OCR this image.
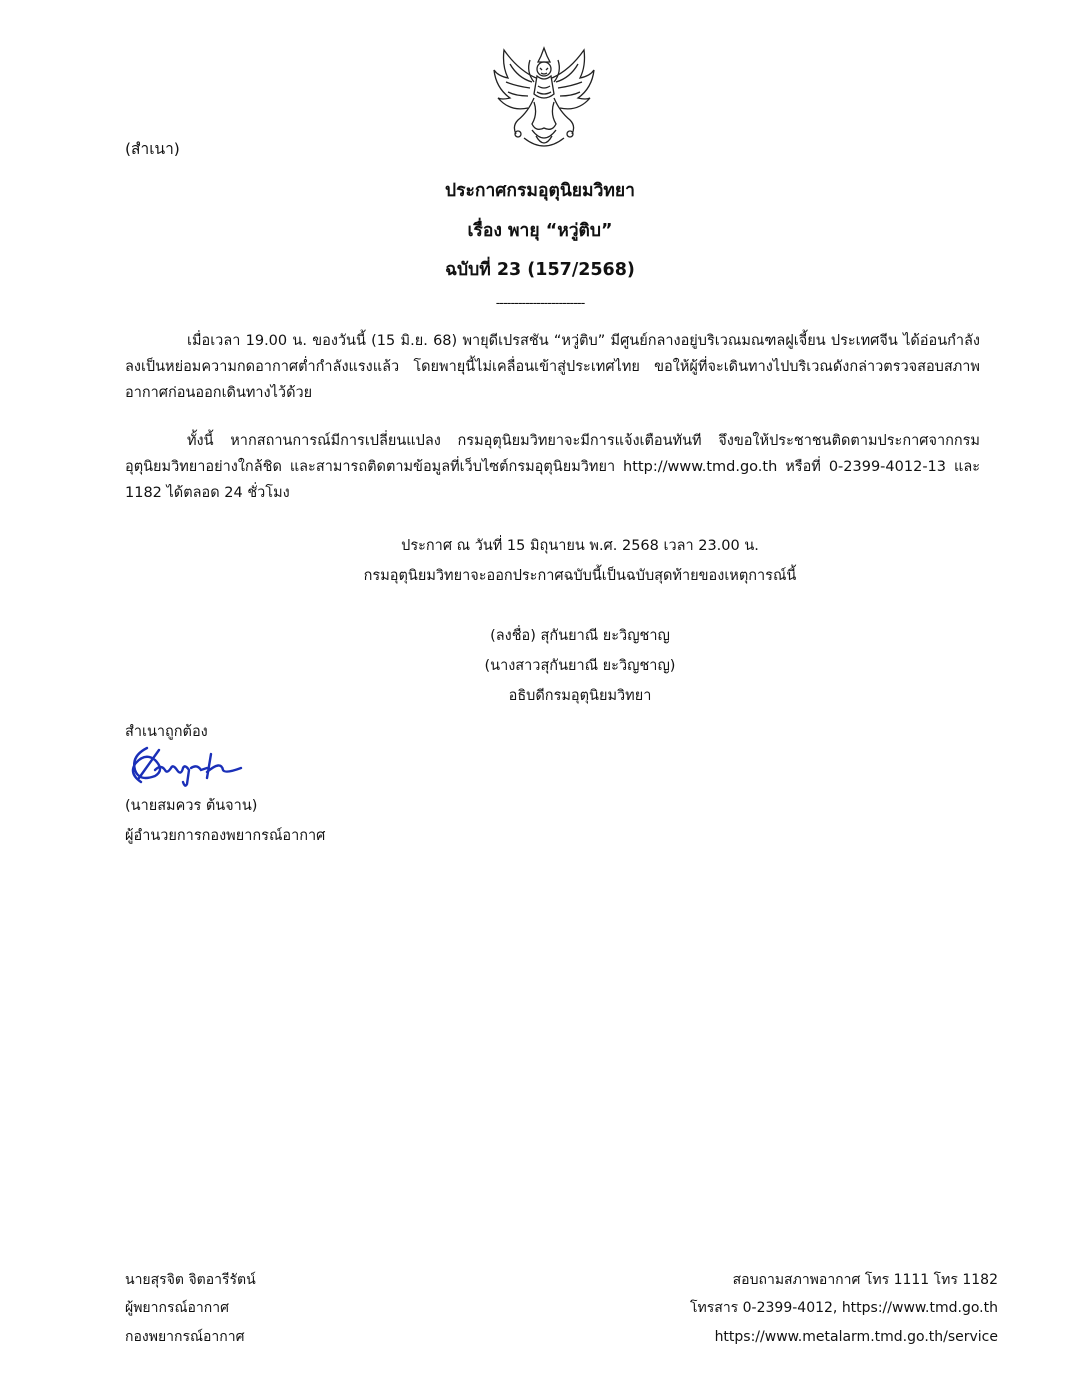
(สำเนา)
ประกาศกรมอุตุนิยมวิทยา
เรื่อง พายุ “หวู่ติบ”
ฉบับที่ 23 (157/2568)
------------------------
เมื่อเวลา 19.00 น. ของวันนี้ (15 มิ.ย. 68) พายุดีเปรสชัน “หวู่ติบ” มีศูนย์กลางอยู่บริเวณมณฑลฝูเจี้ยน ประเทศจีน ได้อ่อนกำลังลงเป็นหย่อมความกดอากาศต่ำกำลังแรงแล้ว โดยพายุนี้ไม่เคลื่อนเข้าสู่ประเทศไทย ขอให้ผู้ที่จะเดินทางไปบริเวณดังกล่าวตรวจสอบสภาพอากาศก่อนออกเดินทางไว้ด้วย
ทั้งนี้ หากสถานการณ์มีการเปลี่ยนแปลง กรมอุตุนิยมวิทยาจะมีการแจ้งเตือนทันที จึงขอให้ประชาชนติดตามประกาศจากกรมอุตุนิยมวิทยาอย่างใกล้ชิด และสามารถติดตามข้อมูลที่เว็บไซต์กรมอุตุนิยมวิทยา http://www.tmd.go.th หรือที่ 0-2399-4012-13 และ 1182 ได้ตลอด 24 ชั่วโมง
ประกาศ ณ วันที่ 15 มิถุนายน พ.ศ. 2568 เวลา 23.00 น.
กรมอุตุนิยมวิทยาจะออกประกาศฉบับนี้เป็นฉบับสุดท้ายของเหตุการณ์นี้
(ลงชื่อ) สุกันยาณี ยะวิญชาญ
(นางสาวสุกันยาณี ยะวิญชาญ)
อธิบดีกรมอุตุนิยมวิทยา
สำเนาถูกต้อง
(นายสมควร ต้นจาน)
ผู้อำนวยการกองพยากรณ์อากาศ
นายสุรจิต จิตอารีรัตน์
ผู้พยากรณ์อากาศ
กองพยากรณ์อากาศ
สอบถามสภาพอากาศ โทร 1111 โทร 1182
โทรสาร 0-2399-4012, https://www.tmd.go.th
https://www.metalarm.tmd.go.th/service
